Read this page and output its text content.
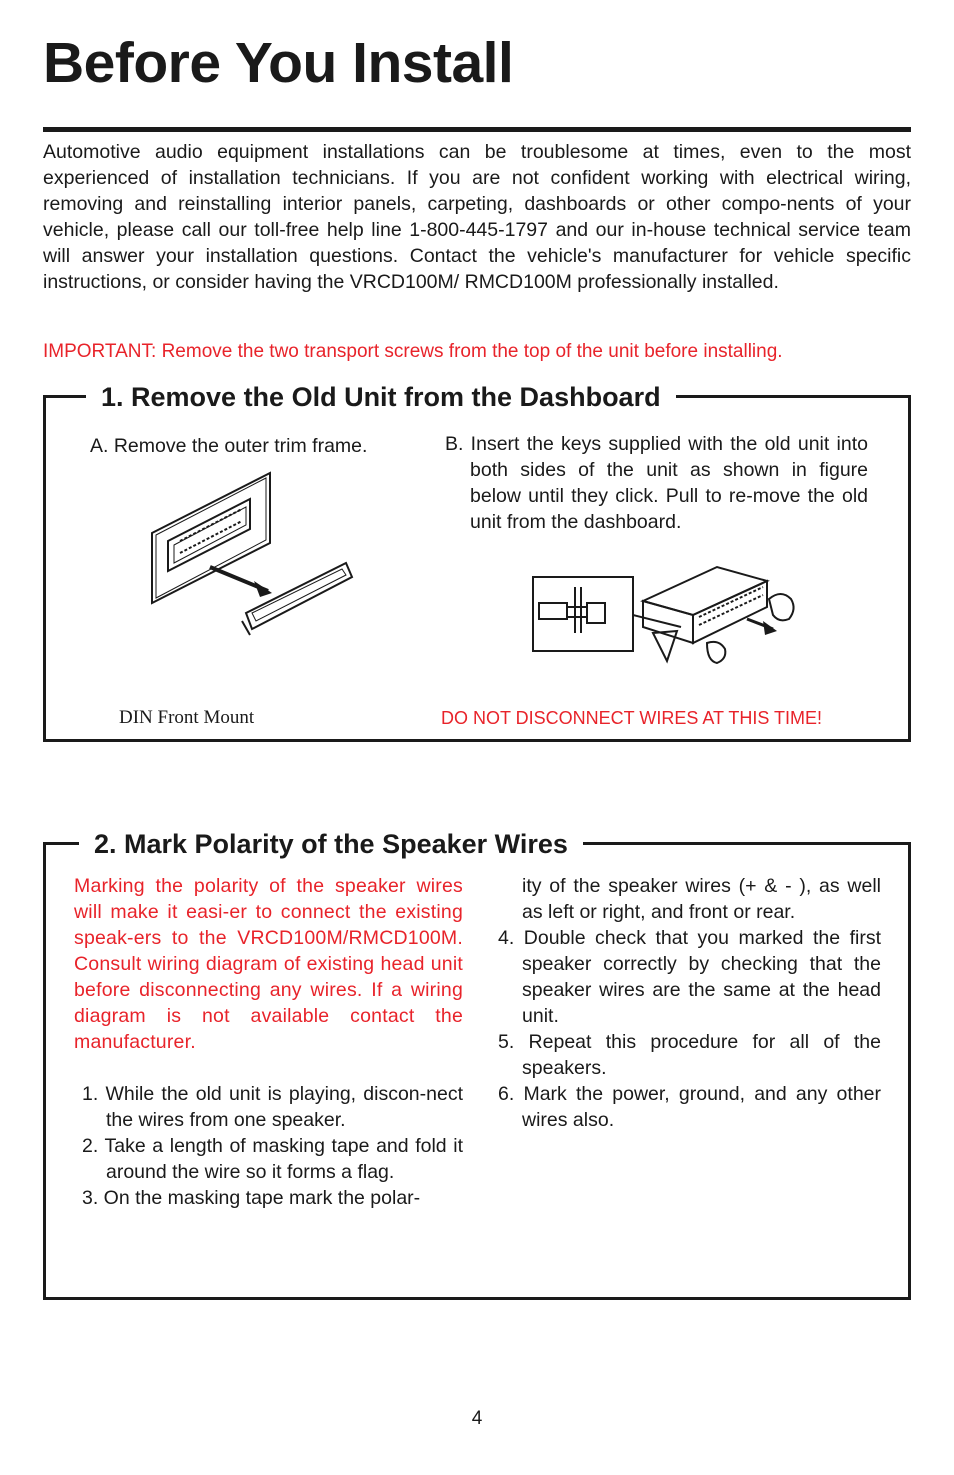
Before You Install

Automotive audio equipment installations can be troublesome at times, even to the most experienced of installation technicians. If you are not confident working with electrical wiring, removing and reinstalling interior panels, carpeting, dashboards or other compo-nents of your vehicle, please call our toll-free help line 1-800-445-1797 and our in-house technical service team will answer your installation questions. Contact the vehicle's manufacturer for vehicle specific instructions, or consider having the VRCD100M/ RMCD100M professionally installed.

IMPORTANT: Remove the two transport screws from the top of the unit before installing.

1. Remove the Old Unit from the Dashboard

A. Remove the outer trim frame.	B. Insert the keys supplied with the old unit into both sides of the unit as shown in figure below until they click. Pull to re-move the old unit from the dashboard.

DIN Front Mount	DO NOT DISCONNECT WIRES AT THIS TIME!
2. Mark Polarity of the Speaker Wires

Marking the polarity of the speaker wires will make it easi-er to connect the existing speak-ers to the VRCD100M/RMCD100M. Consult wiring diagram of existing head unit before disconnecting any wires. If a wiring diagram is not available contact the manufacturer.

1. While the old unit is playing, discon-nect the wires from one speaker.
2. Take a length of masking tape and fold it around the wire so it forms a flag.
3. On the masking tape mark the polar-

ity of the speaker wires (+ & - ), as well as left or right, and front or rear.

4. Double check that you marked the first speaker correctly by checking that the speaker wires are the same at the head unit.
5. Repeat this procedure for all of the speakers.
6. Mark the power, ground, and any other wires also.
4
